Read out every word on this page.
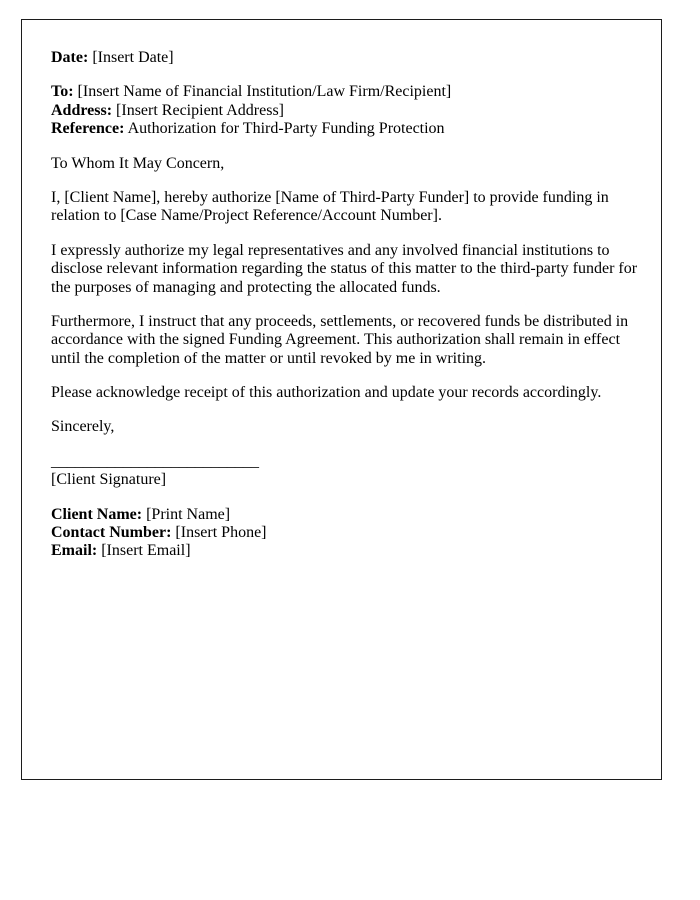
Date: [Insert Date]

To: [Insert Name of Financial Institution/Law Firm/Recipient]
Address: [Insert Recipient Address]
Reference: Authorization for Third-Party Funding Protection

To Whom It May Concern,

I, [Client Name], hereby authorize [Name of Third-Party Funder] to provide funding in relation to [Case Name/Project Reference/Account Number].

I expressly authorize my legal representatives and any involved financial institutions to disclose relevant information regarding the status of this matter to the third-party funder for the purposes of managing and protecting the allocated funds.

Furthermore, I instruct that any proceeds, settlements, or recovered funds be distributed in accordance with the signed Funding Agreement. This authorization shall remain in effect until the completion of the matter or until revoked by me in writing.

Please acknowledge receipt of this authorization and update your records accordingly.

Sincerely,

__________________________
[Client Signature]

Client Name: [Print Name]
Contact Number: [Insert Phone]
Email: [Insert Email]
